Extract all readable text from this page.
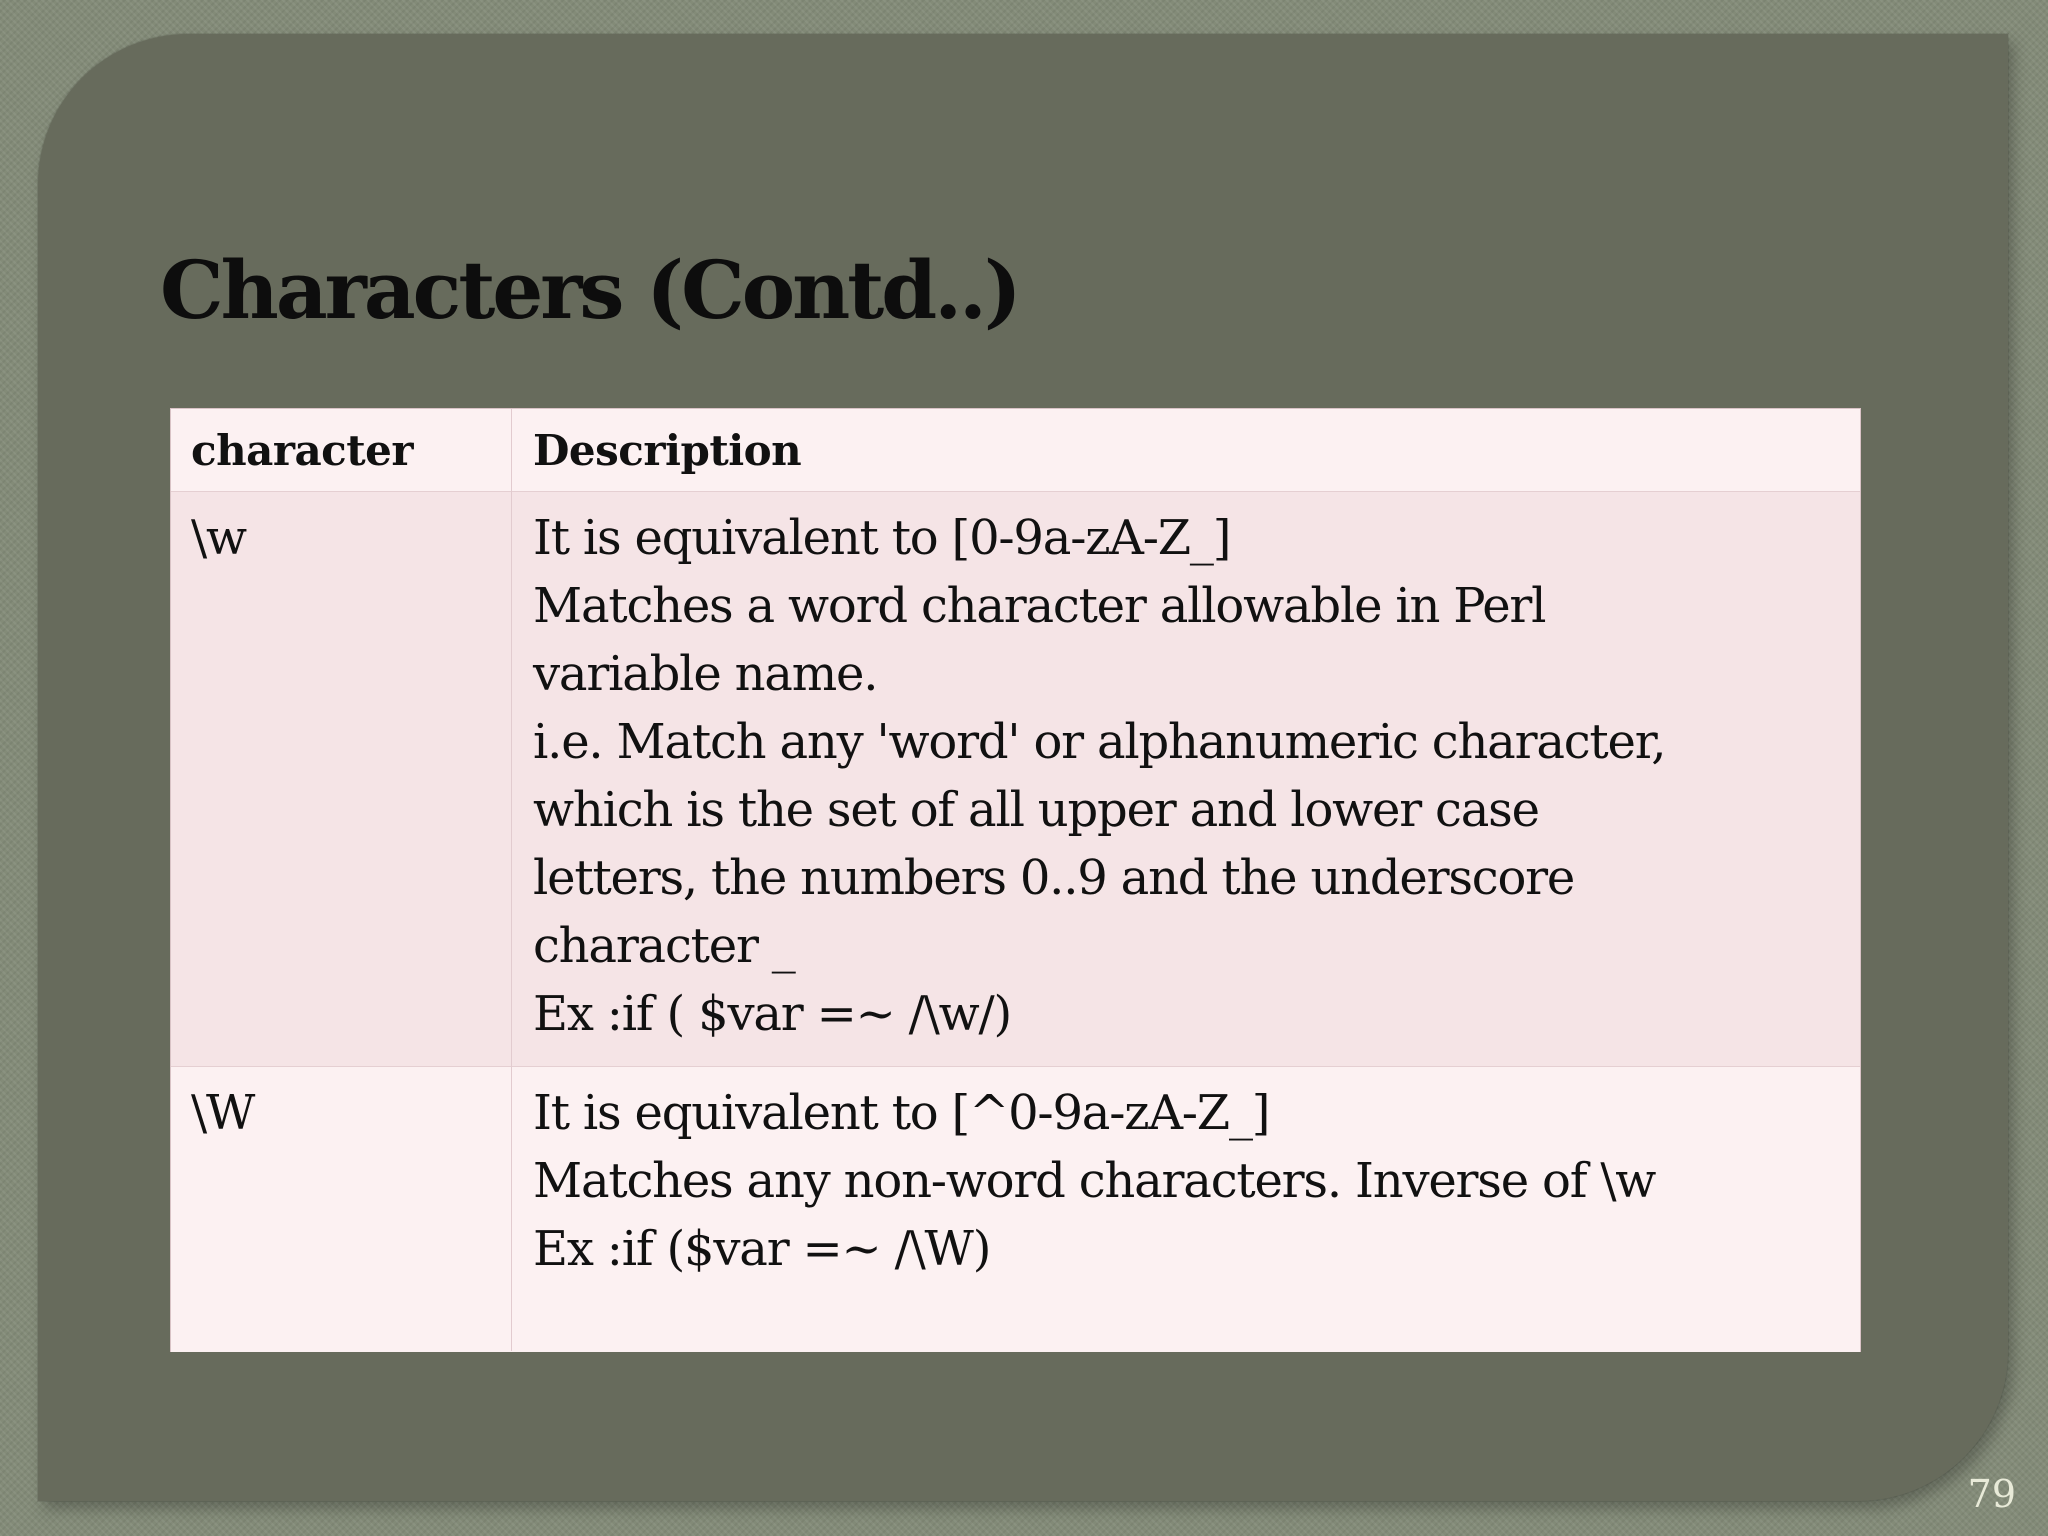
Characters (Contd..)
character	Description
\w	It is equivalent to [0-9a-zA-Z_]
Matches a word character allowable in Perl
variable name.
i.e. Match any 'word' or alphanumeric character,
which is the set of all upper and lower case
letters, the numbers 0..9 and the underscore
character _
Ex :if ( $var =~ /\w/)
\W	It is equivalent to [^0-9a-zA-Z_]
Matches any non-word characters. Inverse of \w
Ex :if ($var =~ /\W)
79
